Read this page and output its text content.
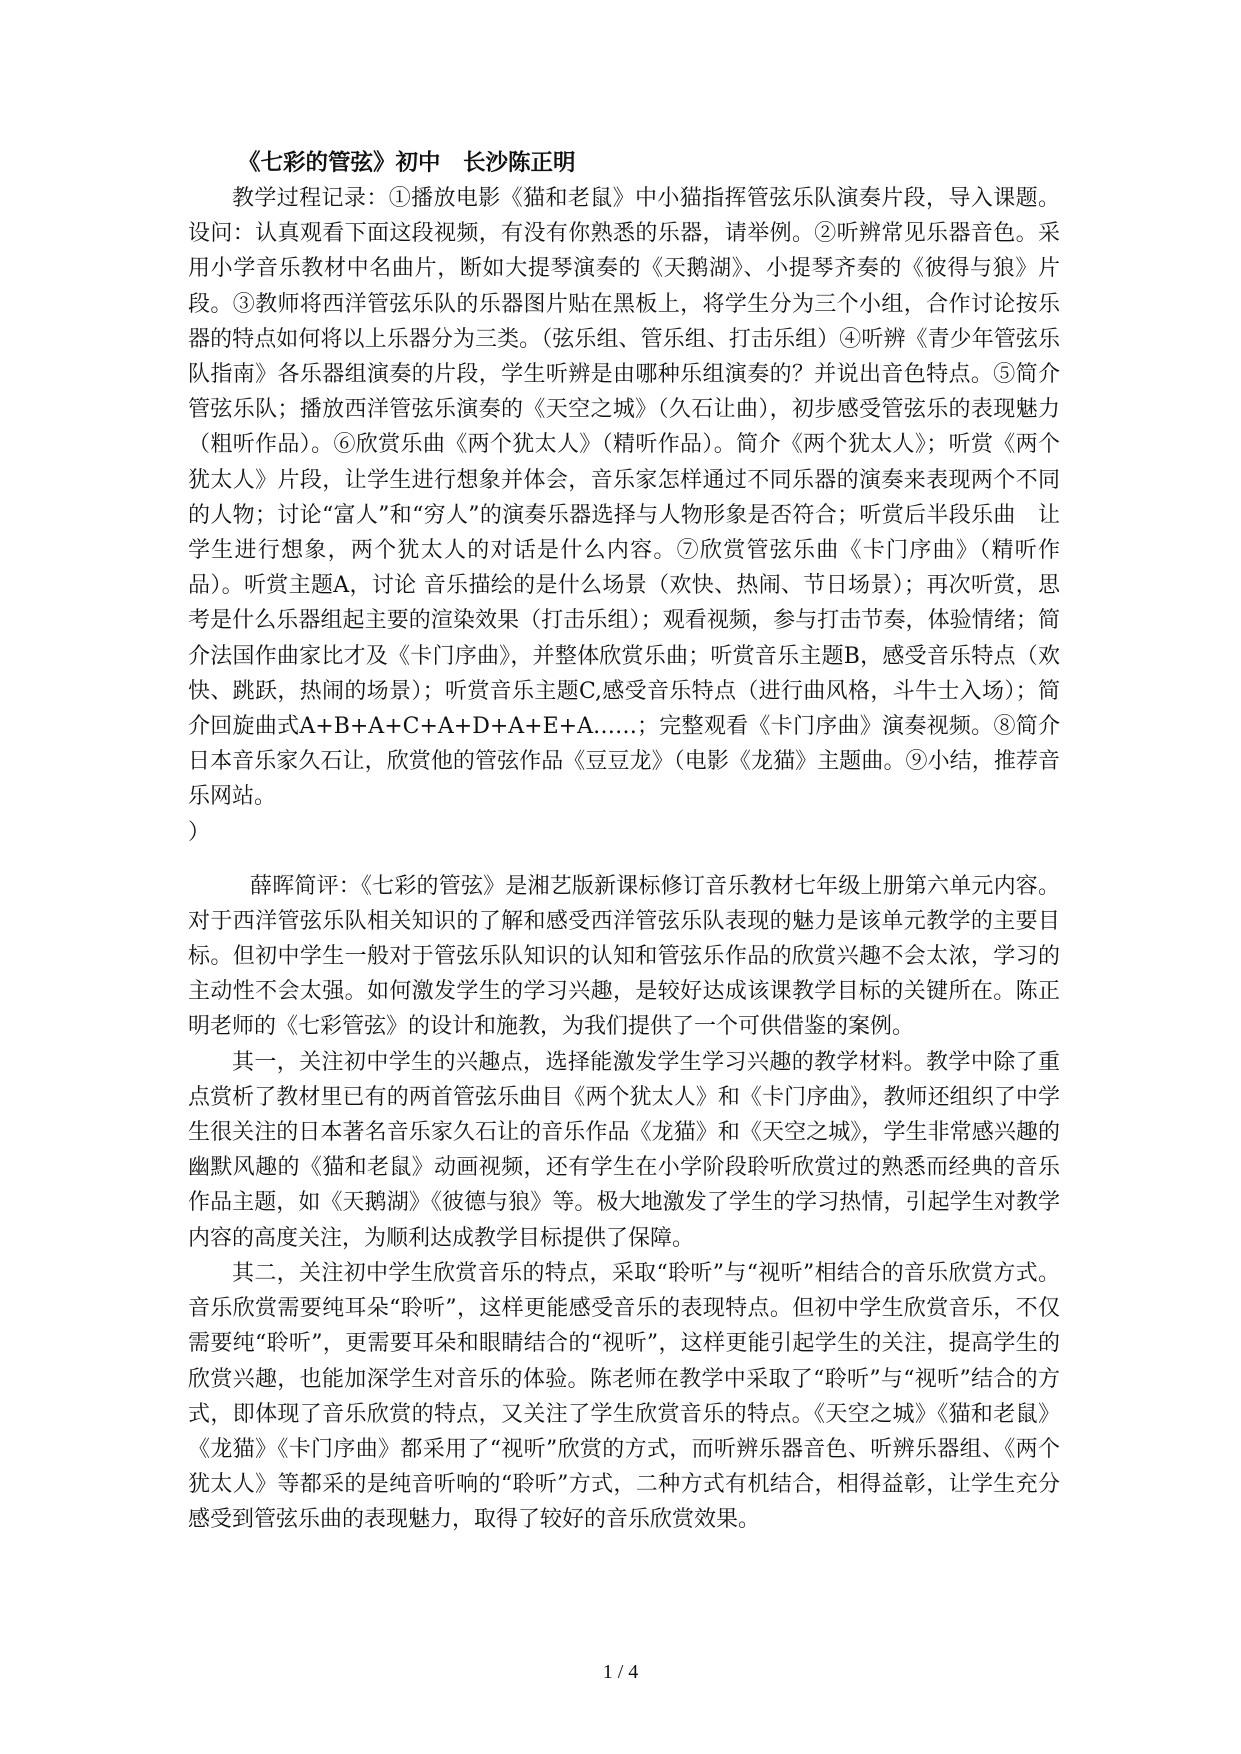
《七彩的管弦》初中　长沙陈正明

教学过程记录：①播放电影《猫和老鼠》中小猫指挥管弦乐队演奏片段，导入课题。设问：认真观看下面这段视频，有没有你熟悉的乐器，请举例。②听辨常见乐器音色。采用小学音乐教材中名曲片，断如大提琴演奏的《天鹅湖》、小提琴齐奏的《彼得与狼》片段。③教师将西洋管弦乐队的乐器图片贴在黑板上，将学生分为三个小组，合作讨论按乐器的特点如何将以上乐器分为三类。（弦乐组、管乐组、打击乐组）④听辨《青少年管弦乐队指南》各乐器组演奏的片段，学生听辨是由哪种乐组演奏的？并说出音色特点。⑤简介管弦乐队；播放西洋管弦乐演奏的《天空之城》（久石让曲），初步感受管弦乐的表现魅力（粗听作品）。⑥欣赏乐曲《两个犹太人》（精听作品）。简介《两个犹太人》；听赏《两个犹太人》片段，让学生进行想象并体会，音乐家怎样通过不同乐器的演奏来表现两个不同的人物；讨论“富人”和“穷人”的演奏乐器选择与人物形象是否符合；听赏后半段乐曲　让学生进行想象，两个犹太人的对话是什么内容。⑦欣赏管弦乐曲《卡门序曲》（精听作品）。听赏主题A，讨论 音乐描绘的是什么场景（欢快、热闹、节日场景）；再次听赏，思考是什么乐器组起主要的渲染效果（打击乐组）；观看视频，参与打击节奏，体验情绪；简介法国作曲家比才及《卡门序曲》，并整体欣赏乐曲；听赏音乐主题B，感受音乐特点（欢快、跳跃，热闹的场景）；听赏音乐主题C,感受音乐特点（进行曲风格，斗牛士入场）；简介回旋曲式A+B+A+C+A+D+A+E+A……；完整观看《卡门序曲》演奏视频。⑧简介日本音乐家久石让，欣赏他的管弦作品《豆豆龙》（电影《龙猫》主题曲。⑨小结，推荐音乐网站。

）

薛晖简评：《七彩的管弦》是湘艺版新课标修订音乐教材七年级上册第六单元内容。对于西洋管弦乐队相关知识的了解和感受西洋管弦乐队表现的魅力是该单元教学的主要目标。但初中学生一般对于管弦乐队知识的认知和管弦乐作品的欣赏兴趣不会太浓，学习的主动性不会太强。如何激发学生的学习兴趣，是较好达成该课教学目标的关键所在。陈正明老师的《七彩管弦》的设计和施教，为我们提供了一个可供借鉴的案例。

其一，关注初中学生的兴趣点，选择能激发学生学习兴趣的教学材料。教学中除了重点赏析了教材里已有的两首管弦乐曲目《两个犹太人》和《卡门序曲》，教师还组织了中学生很关注的日本著名音乐家久石让的音乐作品《龙猫》和《天空之城》，学生非常感兴趣的幽默风趣的《猫和老鼠》动画视频，还有学生在小学阶段聆听欣赏过的熟悉而经典的音乐作品主题，如《天鹅湖》《彼德与狼》等。极大地激发了学生的学习热情，引起学生对教学内容的高度关注，为顺利达成教学目标提供了保障。

其二，关注初中学生欣赏音乐的特点，采取“聆听”与“视听”相结合的音乐欣赏方式。音乐欣赏需要纯耳朵“聆听”，这样更能感受音乐的表现特点。但初中学生欣赏音乐，不仅需要纯“聆听”，更需要耳朵和眼睛结合的“视听”，这样更能引起学生的关注，提高学生的欣赏兴趣，也能加深学生对音乐的体验。陈老师在教学中采取了“聆听”与“视听”结合的方式，即体现了音乐欣赏的特点，又关注了学生欣赏音乐的特点。《天空之城》《猫和老鼠》《龙猫》《卡门序曲》都采用了“视听”欣赏的方式，而听辨乐器音色、听辨乐器组、《两个犹太人》等都采的是纯音听响的“聆听”方式，二种方式有机结合，相得益彰，让学生充分感受到管弦乐曲的表现魅力，取得了较好的音乐欣赏效果。

1 / 4
